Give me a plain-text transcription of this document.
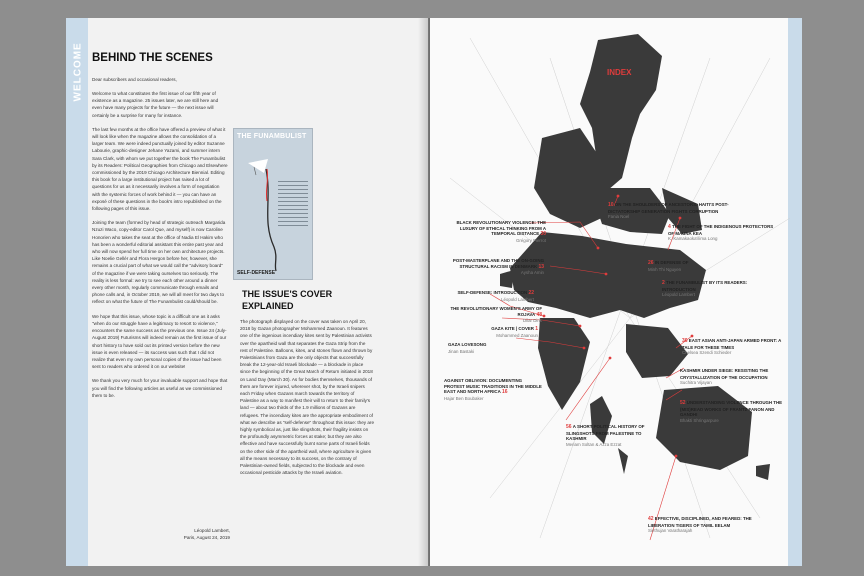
WELCOME BEHIND THE SCENES
Dear subscribers and occasional readers,

Welcome to what constitutes the first issue of our fifth year of existence as a magazine. 25 issues later, we are still here and even have many projects for the future — the next issue will certainly be a surprise for many for instance.

The last few months at the office have offered a preview of what it will look like when the magazine allows the consolidation of a larger team. We were indeed punctually joined by editor Suzanne Labourie, graphic-designer Jehane Yazami, and summer intern Sara Clark, with whom we put together the book The Funambulist by its Readers: Political Geographies from Chicago and Elsewhere commissioned by the 2019 Chicago Architecture Biennial. Editing this book for a large institutional project has raised a lot of questions for us as it necessarily involves a form of negotiation with the systemic forces of work behind it — you can have an exposé of these questions in the book's intro republished on the following pages of this issue.

Joining the team (formed by head of strategic outreach Margarida Nzuzi Waco, copy-editor Carol Que, and myself) is now Caroline Honorien who takes the seat at the office of Nadia El Hakim who has been a wonderful editorial assistant this entire past year and who will now spend her full time on her own architecture projects. Like Noelie Gellér and Flora Hergon before her, however, she remains a crucial part of what we would call the "advisory board" of the magazine if we were taking ourselves too seriously. The reality is less formal: we try to see each other around a dinner every other month, regularly communicate through emails and phone calls and, in October 2019, we will all meet for two days to reflect on what the future of The Funambulist could/should be.

We hope that this issue, whose topic is a difficult one as it asks "when do our struggle have a legitimacy to resort to violence," encounters the same success as the previous one. Issue 24 (July-August 2019) Futurisms will indeed remain as the first issue of our short history to have sold out its printed version before the new issue is even released — its success was such that I did not realize that even my own personal copies of the issue had been sent to readers who ordered it on our website!

We thank you very much for your invaluable support and hope that you will find the following articles as useful as we commissioned them to be.

Léopold Lambert,
Paris, August 24, 2019
THE FUNAMBULIST
SELF-DEFENSE
THE ISSUE'S COVER
EXPLAINED

The photograph displayed on the cover was taken on April 20, 2018 by Gazan photographer Mohammed Zaanoun. It features one of the ingenious incendiary kites sent by Palestinian activists over the apartheid wall that separates the Gaza Strip from the rest of Palestine. Balloons, kites, and stones flown and thrown by Palestinians from Gaza are the only objects that successfully break the 12-year-old Israeli blockade — a blockade in place since the beginning of the Great March of Return initiated in 2018 on Land Day (March 30). As for bodies themselves, thousands of them are forever injured, wherever shot, by the Israeli snipers each Friday when Gazans march towards the territory of Palestine as a way to manifest their will to return to their family's land — about two thirds of the 1.9 millions of Gazans are refugees. The incendiary kites are the appropriate embodiment of what we describe as "self-defense" throughout this issue: they are highly symbolical as, just like slingshots, their fragility insists on the profoundly asymmetric forces at stake; but they are also effective and have successfully burnt some parts of Israeli fields on the other side of the apartheid wall, where agriculture is given all the means necessary to its success, on the contrary of Palestinian-owned fields, subjected to the blockade and even occasional pesticide attacks by the Israeli aviation.

INDEX
10 ON THE SHOULDERS OF ANCESTORS: HAITI'S POST-DICTATORSHIP GENERATION FIGHTS CORRUPTION
Fania Noel
BLACK REVOLUTIONARY VIOLENCE: THE LUXURY OF ETHICAL THINKING FROM A TEMPORAL DISTANCE 30
Grégory Pierrot
4 THE FIGHT OF THE INDIGENOUS PROTECTORS OF MAUNA KEA
K. Kamakaoka'ilima Long
26 IN DEFENSE OF
Minh Thi Nguyen
2 THE FUNAMBULIST BY ITS READERS: INTRODUCTION
Léopold Lambert
POST-MASTERPLANE AND THE ON-GOING STRUCTURAL RACISM IN DENMARK 13
Aysha Amin
SELF-DEFENSE: INTRODUCTION 22
Léopold Lambert
THE REVOLUTIONARY WOMEN'S ARMY OF ROJAVA 48
Dilar Dirik
GAZA KITE | COVER 1
Mohammed Zaanoun
GAZA LOVESONG
Jinan Bastaki
AGAINST OBLIVION: DOCUMENTING PROTEST MUSIC TRADITIONS IN THE MIDDLE EAST AND NORTH AFRICA 16
Hajar Ben Boubaker
36 EAST ASIAN ANTI-JAPAN ARMED FRONT: A TALE FOR THESE TIMES
Chelsea Szendi Schieder
KASHMIR UNDER SIEGE: RESISTING THE CRYSTALLIZATION OF THE OCCUPATION
Suchitra Vijayan
52 UNDERSTANDING VIOLENCE THROUGH THE (MIS)READ WORKS OF FRANTZ FANON AND GANDHI
Bhakti Shringarpure
56 A SHORT POLITICAL HISTORY OF SLINGSHOTS FROM PALESTINE TO KASHMIR
Meriam Soltan & Azza Ezzat
42 EFFECTIVE, DISCIPLINED, AND FEARED: THE LIBERATION TIGERS OF TAMIL EELAM
Sinthujan Varatharajah
